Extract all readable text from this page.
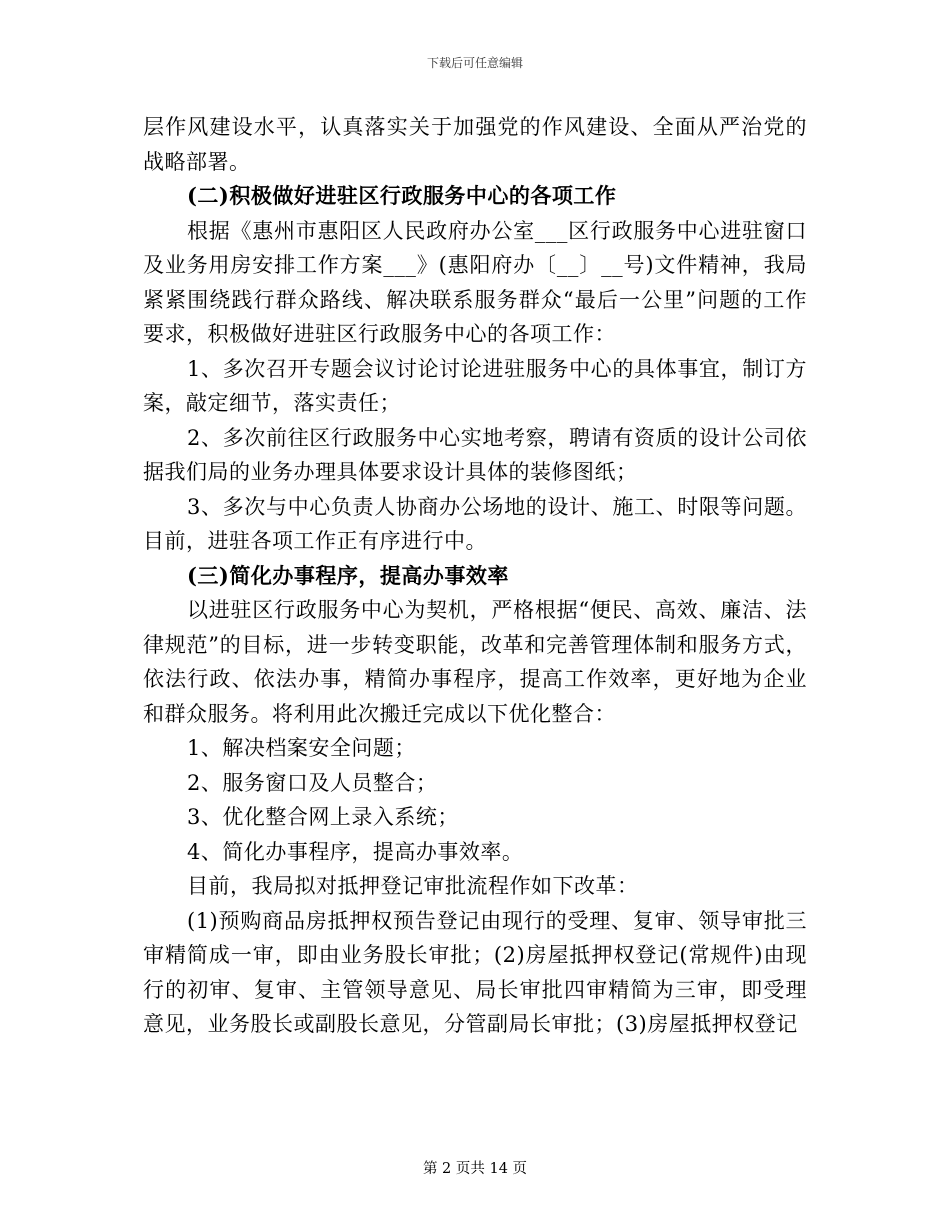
下载后可任意编辑

层作风建设水平，认真落实关于加强党的作风建设、全面从严治党的战略部署。

(二)积极做好进驻区行政服务中心的各项工作

根据《惠州市惠阳区人民政府办公室___区行政服务中心进驻窗口及业务用房安排工作方案___》(惠阳府办〔__〕__号)文件精神，我局紧紧围绕践行群众路线、解决联系服务群众“最后一公里”问题的工作要求，积极做好进驻区行政服务中心的各项工作：

1、多次召开专题会议讨论讨论进驻服务中心的具体事宜，制订方案，敲定细节，落实责任；

2、多次前往区行政服务中心实地考察，聘请有资质的设计公司依据我们局的业务办理具体要求设计具体的装修图纸；

3、多次与中心负责人协商办公场地的设计、施工、时限等问题。目前，进驻各项工作正有序进行中。

(三)简化办事程序，提高办事效率

以进驻区行政服务中心为契机，严格根据“便民、高效、廉洁、法律规范”的目标，进一步转变职能，改革和完善管理体制和服务方式，依法行政、依法办事，精简办事程序，提高工作效率，更好地为企业和群众服务。将利用此次搬迁完成以下优化整合：

1、解决档案安全问题；

2、服务窗口及人员整合；

3、优化整合网上录入系统；

4、简化办事程序，提高办事效率。

目前，我局拟对抵押登记审批流程作如下改革：

(1)预购商品房抵押权预告登记由现行的受理、复审、领导审批三审精简成一审，即由业务股长审批；(2)房屋抵押权登记(常规件)由现行的初审、复审、主管领导意见、局长审批四审精简为三审，即受理意见，业务股长或副股长意见，分管副局长审批；(3)房屋抵押权登记

第 2 页共 14 页
